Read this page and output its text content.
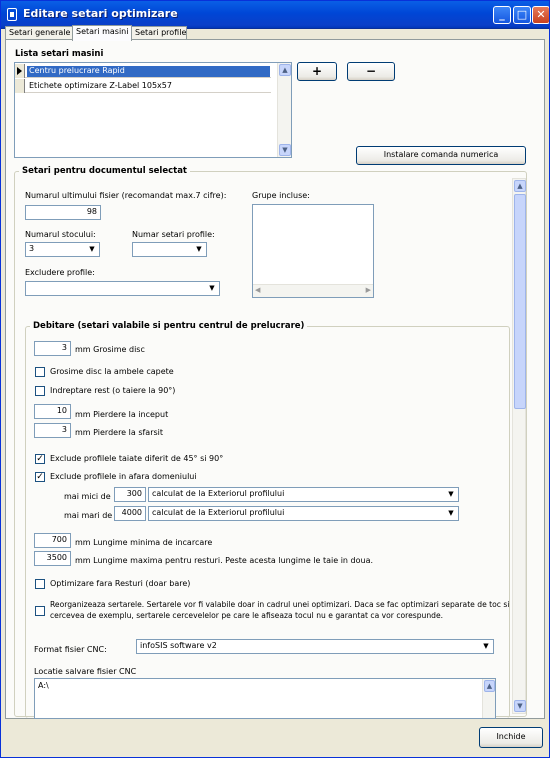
Editare setari optimizare	_	□ ✕
Setari generale Setari masini Setari profile
Lista setari masini
Centru prelucrare Rapid
Etichete optimizare Z-Label 105x57
▲
▼
+	−
Instalare comanda numerica
Setari pentru documentul selectat
Numarul ultimului fisier (recomandat max.7 cifre):
98
Numarul stocului:
3	▼
Numar setari profile:
▼
Excludere profile:
▼
Grupe incluse:
◀	▶
▲
▼
Debitare (setari valabile si pentru centrul de prelucrare)
3	mm Grosime disc
Grosime disc la ambele capete
Indreptare rest (o taiere la 90°)
10	mm Pierdere la inceput
3	mm Pierdere la sfarsit
✓ Exclude profilele taiate diferit de 45° si 90°
✓ Exclude profilele in afara domeniului
mai mici de	300	calculat de la Exteriorul profilului	▼
mai mari de	4000	calculat de la Exteriorul profilului	▼
700	mm Lungime minima de incarcare
3500	mm Lungime maxima pentru resturi. Peste acesta lungime le taie in doua.
Optimizare fara Resturi (doar bare)
Reorganizeaza sertarele. Sertarele vor fi valabile doar in cadrul unei optimizari. Daca se fac optimizari separate de toc si
cercevea de exemplu, sertarele cercevelelor pe care le afiseaza tocul nu e garantat ca vor corespunde.
Format fisier CNC:	infoSIS software v2	▼
Locatie salvare fisier CNC
A:\	▲
Inchide
